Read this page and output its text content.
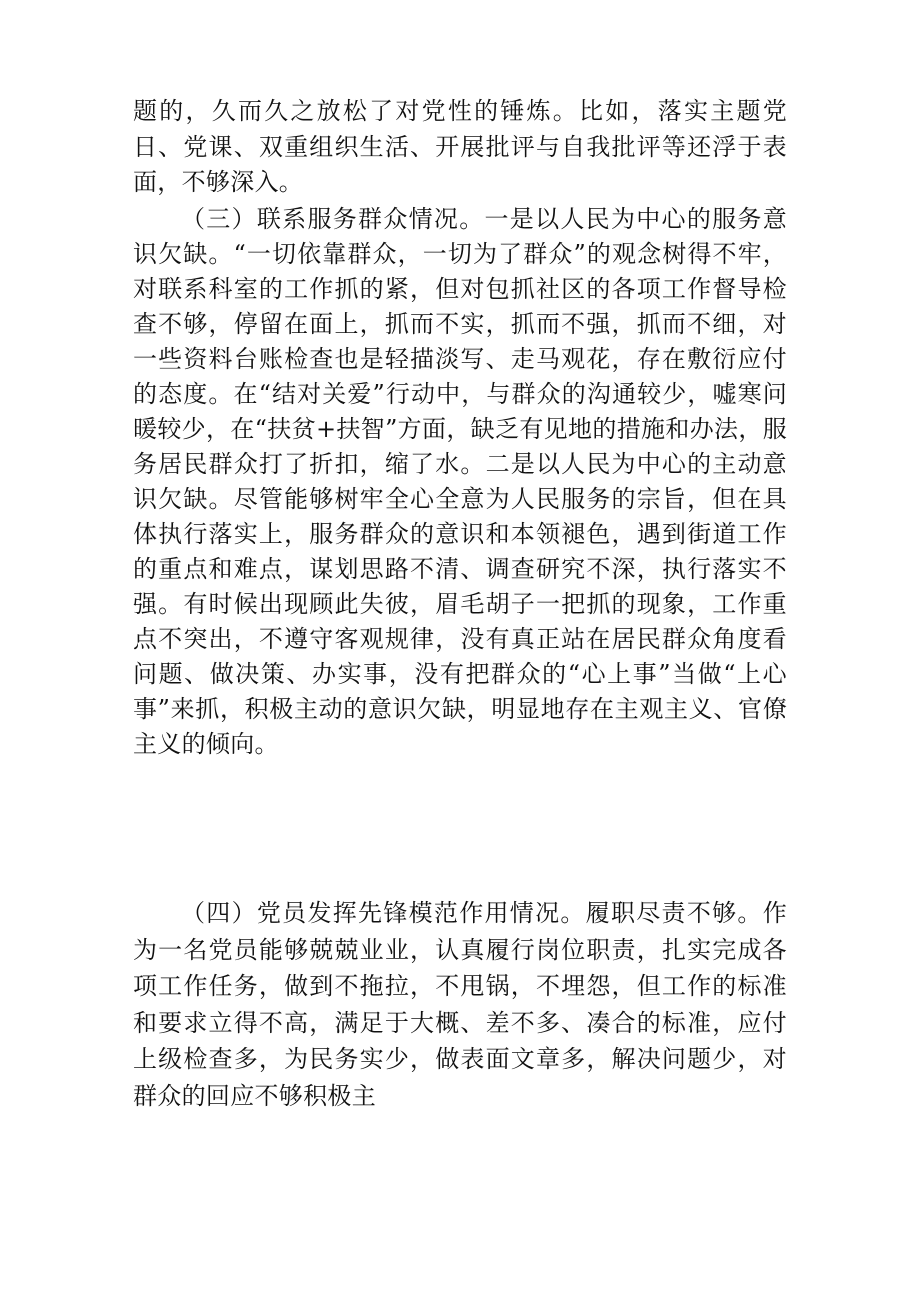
题的，久而久之放松了对党性的锤炼。比如，落实主题党日、党课、双重组织生活、开展批评与自我批评等还浮于表面，不够深入。

（三）联系服务群众情况。一是以人民为中心的服务意识欠缺。“一切依靠群众，一切为了群众”的观念树得不牢，对联系科室的工作抓的紧，但对包抓社区的各项工作督导检查不够，停留在面上，抓而不实，抓而不强，抓而不细，对一些资料台账检查也是轻描淡写、走马观花，存在敷衍应付的态度。在“结对关爱”行动中，与群众的沟通较少，嘘寒问暖较少，在“扶贫+扶智”方面，缺乏有见地的措施和办法，服务居民群众打了折扣，缩了水。二是以人民为中心的主动意识欠缺。尽管能够树牢全心全意为人民服务的宗旨，但在具体执行落实上，服务群众的意识和本领褪色，遇到街道工作的重点和难点，谋划思路不清、调查研究不深，执行落实不强。有时候出现顾此失彼，眉毛胡子一把抓的现象，工作重点不突出，不遵守客观规律，没有真正站在居民群众角度看问题、做决策、办实事，没有把群众的“心上事”当做“上心事”来抓，积极主动的意识欠缺，明显地存在主观主义、官僚主义的倾向。

（四）党员发挥先锋模范作用情况。履职尽责不够。作为一名党员能够兢兢业业，认真履行岗位职责，扎实完成各项工作任务，做到不拖拉，不甩锅，不埋怨，但工作的标准和要求立得不高，满足于大概、差不多、凑合的标准，应付上级检查多，为民务实少，做表面文章多，解决问题少，对群众的回应不够积极主
